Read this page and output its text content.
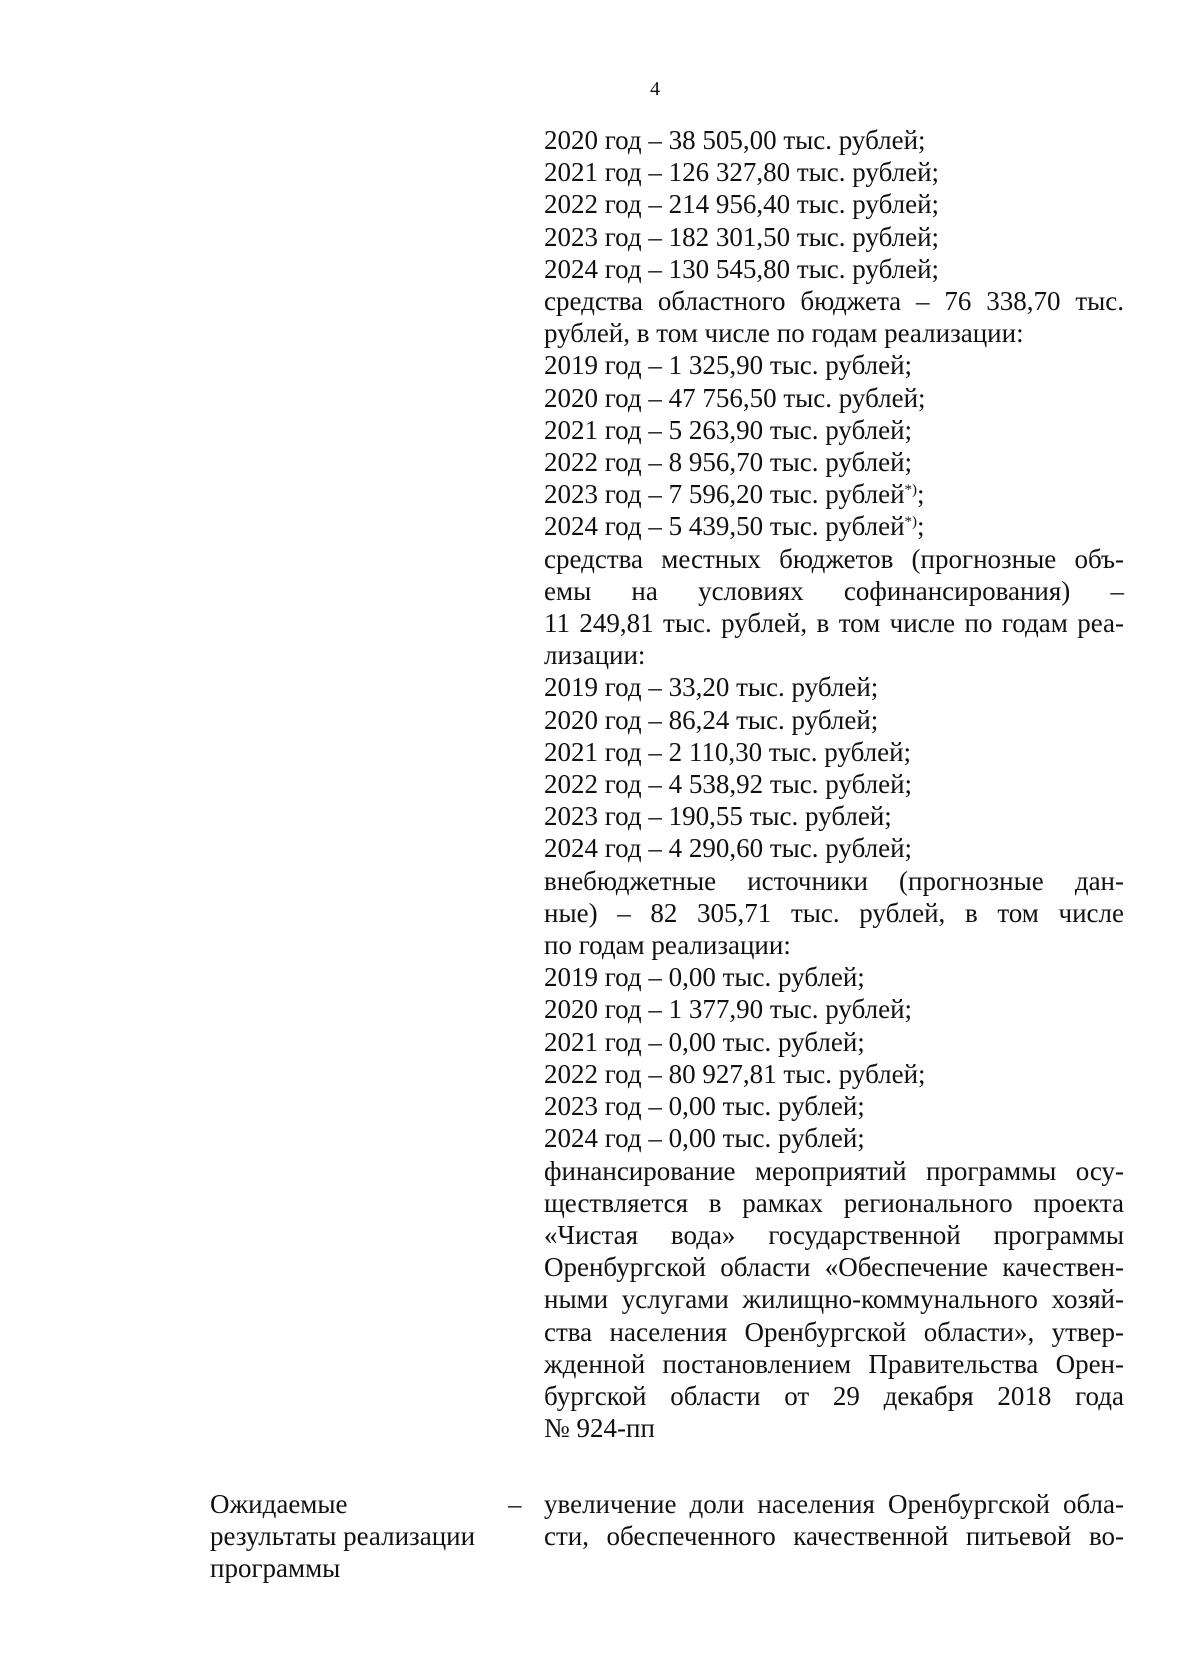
4
2020 год – 38 505,00 тыс. рублей;
2021 год – 126 327,80 тыс. рублей;
2022 год – 214 956,40 тыс. рублей;
2023 год – 182 301,50 тыс. рублей;
2024 год – 130 545,80 тыс. рублей;
средства областного бюджета – 76 338,70 тыс.
рублей, в том числе по годам реализации:
2019 год – 1 325,90 тыс. рублей;
2020 год – 47 756,50 тыс. рублей;
2021 год – 5 263,90 тыс. рублей;
2022 год – 8 956,70 тыс. рублей;
2023 год – 7 596,20 тыс. рублей*);
2024 год – 5 439,50 тыс. рублей*);
средства местных бюджетов (прогнозные объ-
емы на условиях софинансирования) –
11 249,81 тыс. рублей, в том числе по годам реа-
лизации:
2019 год – 33,20 тыс. рублей;
2020 год – 86,24 тыс. рублей;
2021 год – 2 110,30 тыс. рублей;
2022 год – 4 538,92 тыс. рублей;
2023 год – 190,55 тыс. рублей;
2024 год – 4 290,60 тыс. рублей;
внебюджетные источники (прогнозные дан-
ные) – 82 305,71 тыс. рублей, в том числе
по годам реализации:
2019 год – 0,00 тыс. рублей;
2020 год – 1 377,90 тыс. рублей;
2021 год – 0,00 тыс. рублей;
2022 год – 80 927,81 тыс. рублей;
2023 год – 0,00 тыс. рублей;
2024 год – 0,00 тыс. рублей;
финансирование мероприятий программы осу-
ществляется в рамках регионального проекта
«Чистая вода» государственной программы
Оренбургской области «Обеспечение качествен-
ными услугами жилищно-коммунального хозяй-
ства населения Оренбургской области», утвер-
жденной постановлением Правительства Орен-
бургской области от 29 декабря 2018 года
№ 924-пп
Ожидаемые
результаты реализации
программы
– увеличение доли населения Оренбургской обла-
сти, обеспеченного качественной питьевой во-
